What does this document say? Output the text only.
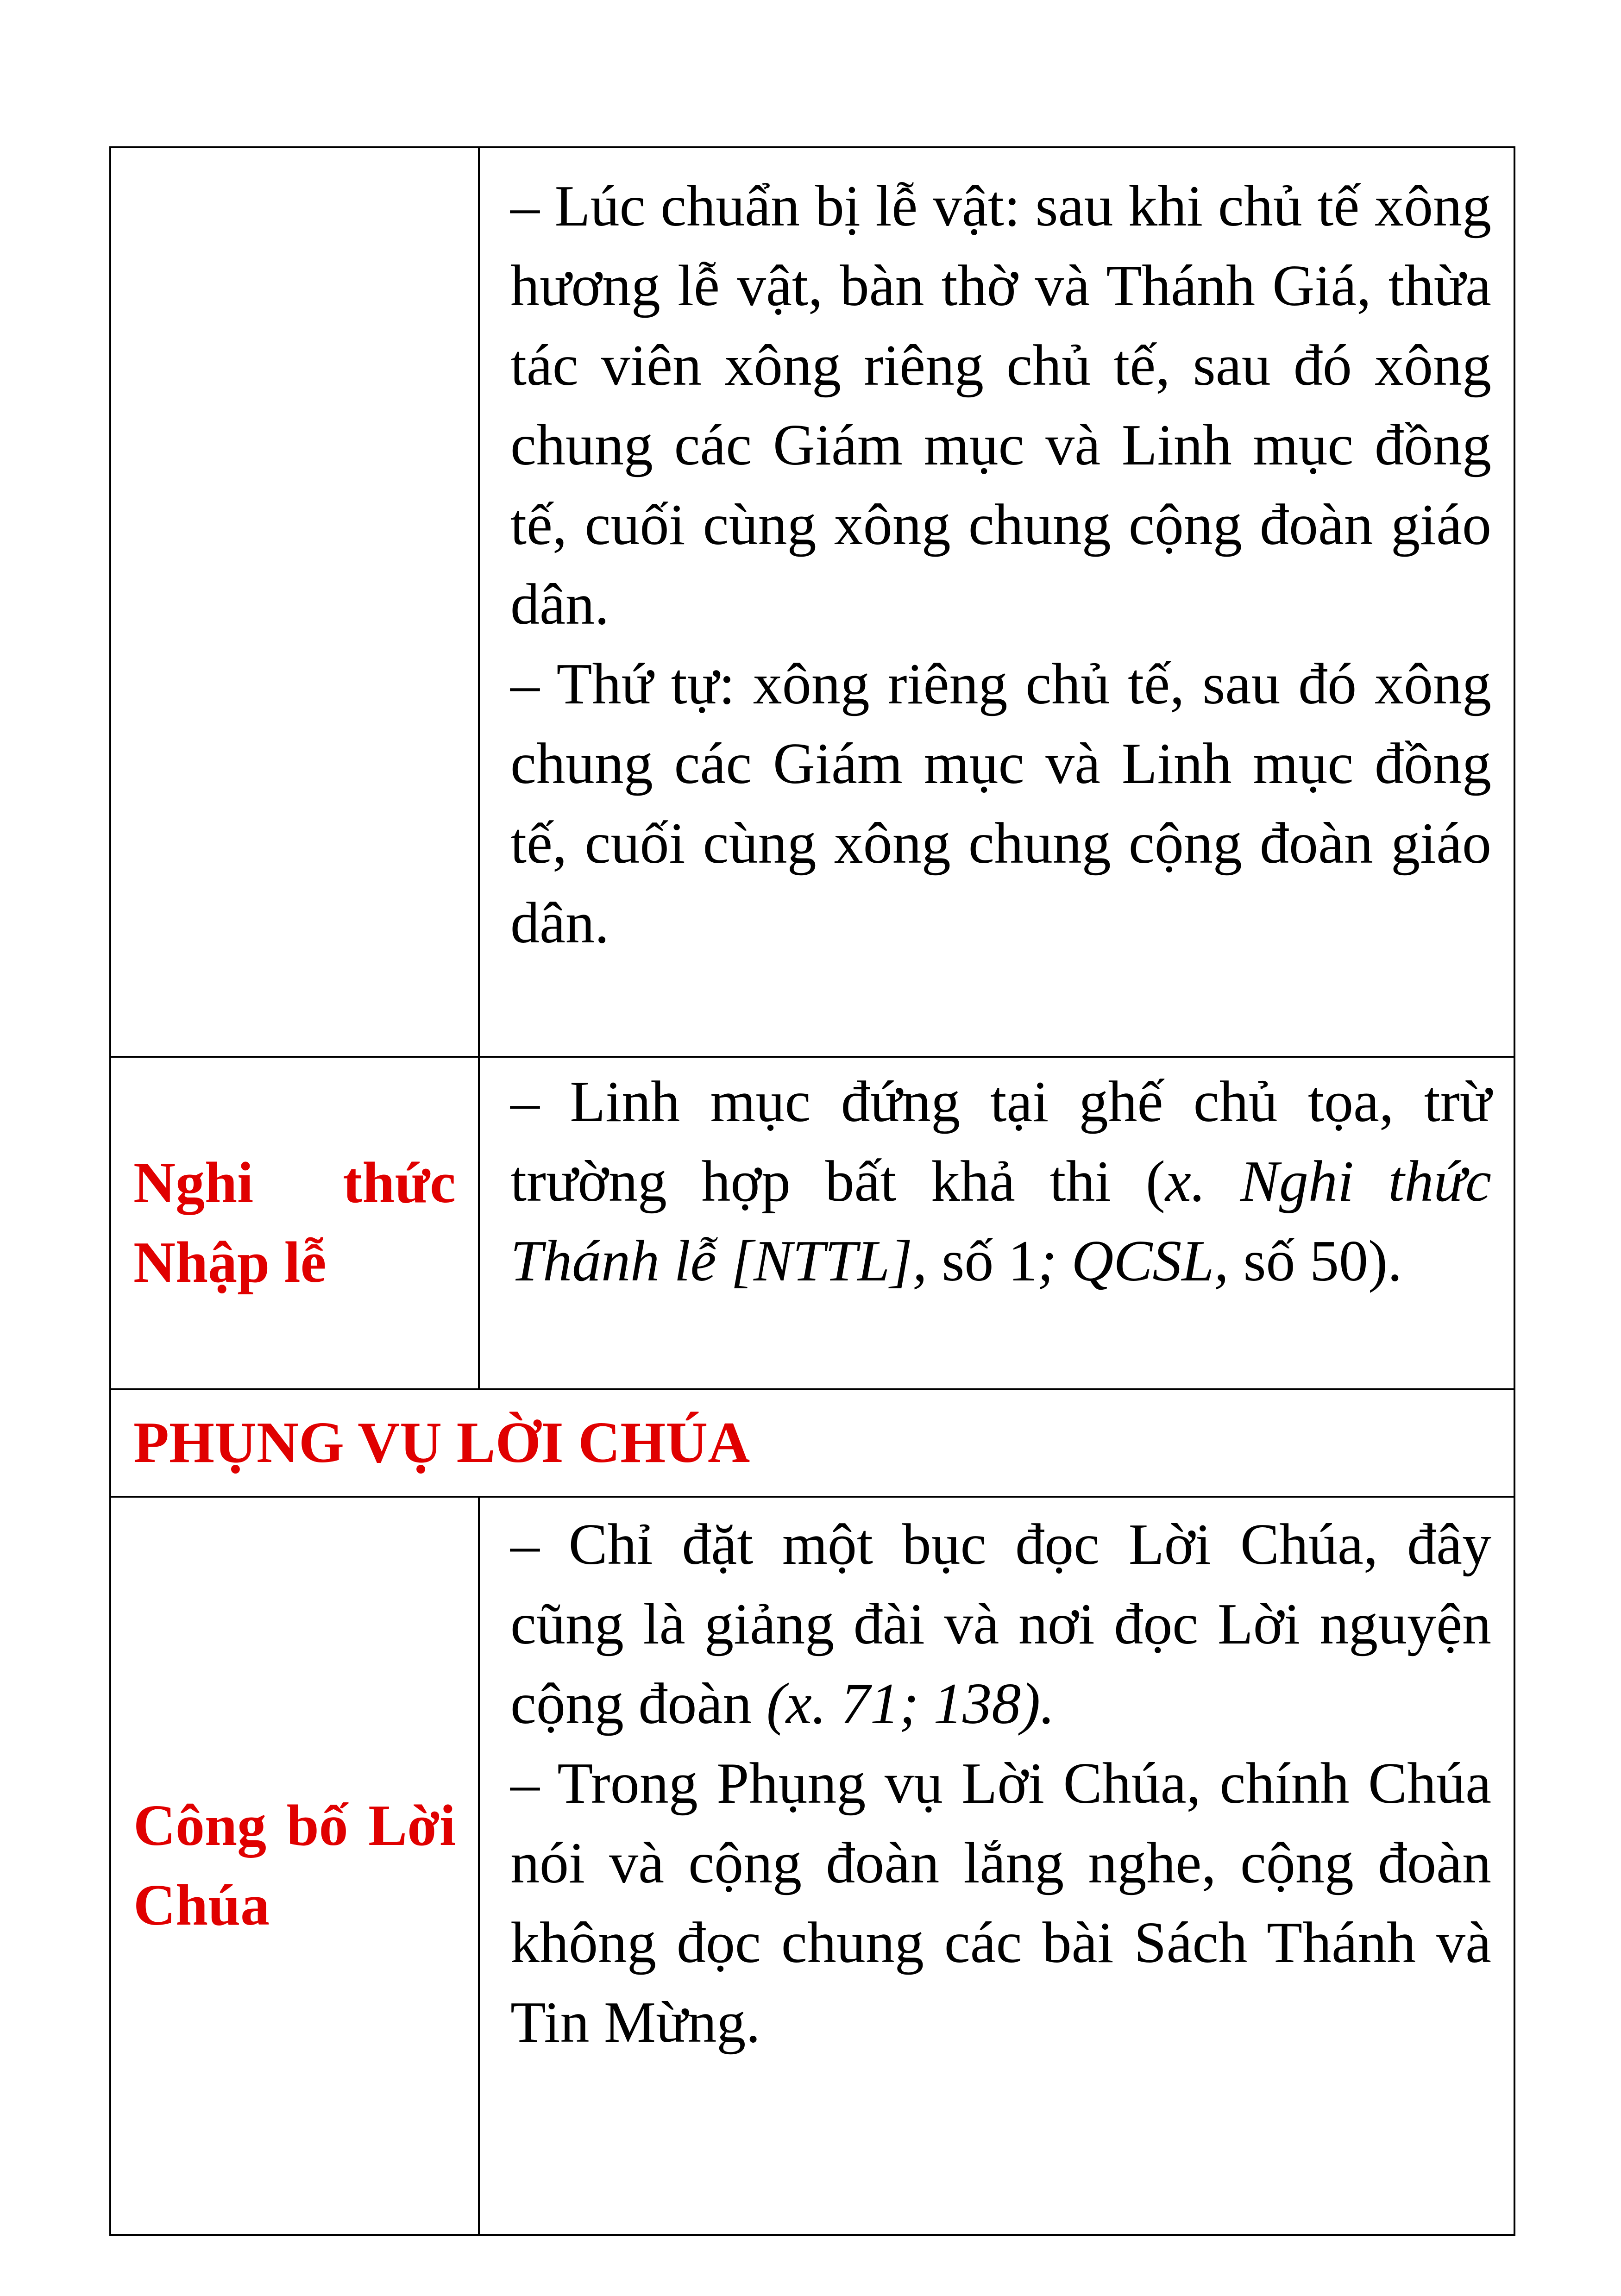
	– Lúc chuẩn bị lễ vật: sau khi chủ tế xông hương lễ vật, bàn thờ và Thánh Giá, thừa tác viên xông riêng chủ tế, sau đó xông chung các Giám mục và Linh mục đồng tế, cuối cùng xông chung cộng đoàn giáo dân.

– Thứ tự: xông riêng chủ tế, sau đó xông chung các Giám mục và Linh mục đồng tế, cuối cùng xông chung cộng đoàn giáo dân.

Nghi thức Nhập lễ	– Linh mục đứng tại ghế chủ tọa, trừ trường hợp bất khả thi (x. Nghi thức Thánh lễ [NTTL], số 1; QCSL, số 50).

PHỤNG VỤ LỜI CHÚA	
Công bố Lời Chúa	– Chỉ đặt một bục đọc Lời Chúa, đây cũng là giảng đài và nơi đọc Lời nguyện cộng đoàn (x. 71; 138).

– Trong Phụng vụ Lời Chúa, chính Chúa nói và cộng đoàn lắng nghe, cộng đoàn không đọc chung các bài Sách Thánh và Tin Mừng.
